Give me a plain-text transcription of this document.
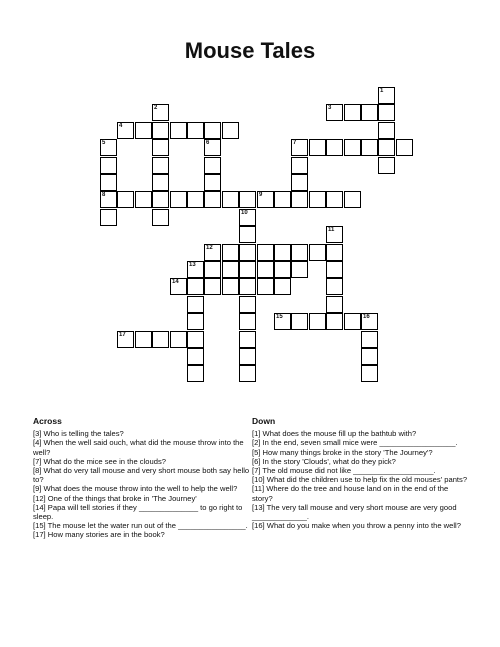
Mouse Tales
3
4
7
8	9
12
13
14
15	16
17
1
2
5	6
10
11
Across

[3] Who is telling the tales?

[4] When the well said ouch, what did the mouse throw into the well?

[7] What do the mice see in the clouds?

[8] What do very tall mouse and very short mouse both say hello to?

[9] What does the mouse throw into the well to help the well?

[12] One of the things that broke in 'The Journey'

[14] Papa will tell stories if they ______________ to go right to sleep.

[15] The mouse let the water run out of the ________________.

[17] How many stories are in the book?

Down

[1] What does the mouse fill up the bathtub with?

[2] In the end, seven small mice were __________________.

[5] How many things broke in the story 'The Journey'?

[6] In the story 'Clouds', what do they pick?

[7] The old mouse did not like ___________________.

[10] What did the children use to help fix the old mouses' pants?

[11] Where do the tree and house land on in the end of the story?

[13] The very tall mouse and very short mouse are very good _____________.

[16] What do you make when you throw a penny into the well?
